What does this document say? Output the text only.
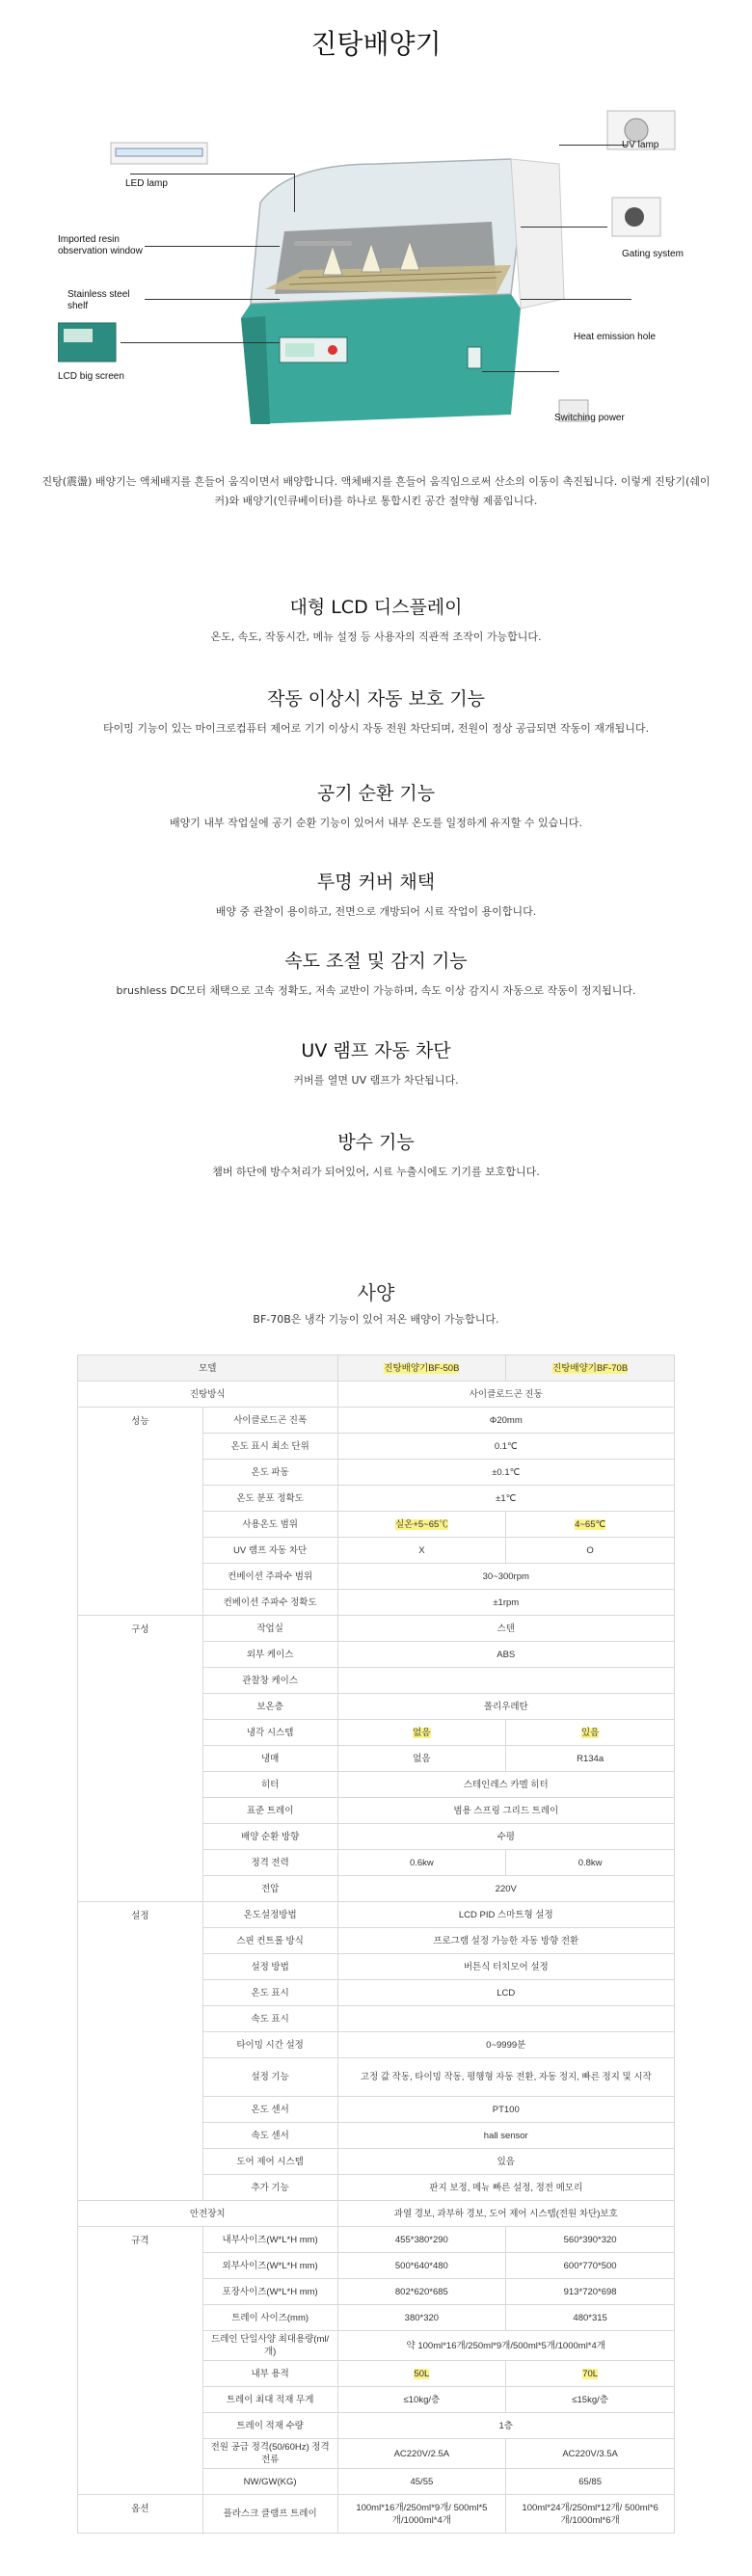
진탕배양기
LED lamp
UV lamp
Imported resin
observation window	Gating system
Stainless steel
shelf
Heat emission hole
LCD big screen
Switching power
진탕(震盪) 배양기는 액체배지를 흔들어 움직이면서 배양합니다. 액체배지를 흔들어 움직임으로써 산소의 이동이 촉진됩니다. 이렇게 진탕기(쉐이커)와 배양기(인큐베이터)를 하나로 통합시킨 공간 절약형 제품입니다.
대형 LCD 디스플레이

온도, 속도, 작동시간, 메뉴 설정 등 사용자의 직관적 조작이 가능합니다.

작동 이상시 자동 보호 기능

타이밍 기능이 있는 마이크로컴퓨터 제어로 기기 이상시 자동 전원 차단되며, 전원이 정상 공급되면 작동이 재개됩니다.

공기 순환 기능

배양기 내부 작업실에 공기 순환 기능이 있어서 내부 온도를 일정하게 유지할 수 있습니다.

투명 커버 채택

배양 중 관찰이 용이하고, 전면으로 개방되어 시료 작업이 용이합니다.

속도 조절 및 감지 기능

brushless DC모터 채택으로 고속 정확도, 저속 교반이 가능하며, 속도 이상 감지시 자동으로 작동이 정지됩니다.

UV 램프 자동 차단

커버를 열면 UV 램프가 차단됩니다.

방수 기능

챔버 하단에 방수처리가 되어있어, 시료 누출시에도 기기를 보호합니다.

사양
BF-70B은 냉각 기능이 있어 저온 배양이 가능합니다.
모델		진탕배양기BF-50B	진탕배양기BF-70B
진탕방식		사이클로드곤 진동	
성능	사이클로드곤 진폭	Φ20mm	
	온도 표시 최소 단위	0.1℃	
	온도 파동	±0.1℃	
	온도 분포 정확도	±1℃	
	사용온도 범위	실온+5~65℃	4~65℃
	UV 램프 자동 차단	X	O
	컨베이션 주파수 범위	30~300rpm	
	컨베이션 주파수 정확도	±1rpm	
구성	작업실	스텐	
	외부 케이스	ABS	
	관찰창 케이스		
	보온층	폴리우레탄	
	냉각 시스템	없음	있음
	냉매	없음	R134a
	히터	스테인레스 카멜 히터	
	표준 트레이	범용 스프링 그리드 트레이	
	배양 순환 방향	수평	
	정격 전력	0.6kw	0.8kw
	전압	220V	
설정	온도설정방법	LCD PID 스마트형 설정	
	스핀 컨트롤 방식	프로그램 설정 가능한 자동 방향 전환	
	설정 방법	버튼식 터치모어 설정	
	온도 표시	LCD	
	속도 표시		
	타이밍 시간 설정	0~9999분	
	설정 기능	고정 값 작동, 타이밍 작동, 평행형 자동 전환, 자동 정지, 빠른 정지 및 시작	
	온도 센서	PT100	
	속도 센서	hall sensor	
	도어 제어 시스템	있음	
	추가 기능	판지 보정, 메뉴 빠른 설정, 정전 메모리	
안전장치		과열 경보, 과부하 경보, 도어 제어 시스템(전원 차단)보호	
규격	내부사이즈(W*L*H mm)	455*380*290	560*390*320
	외부사이즈(W*L*H mm)	500*640*480	600*770*500
	포장사이즈(W*L*H mm)	802*620*685	913*720*698
	트레이 사이즈(mm)	380*320	480*315
	드레인 단일사양 최대용량(ml/개)	약 100ml*16개/250ml*9개/500ml*5개/1000ml*4개	
	내부 용적	50L	70L
	트레이 최대 적재 무게	≤10kg/층	≤15kg/층
	트레이 적재 수량	1층	
	전원 공급 정격(50/60Hz) 정격 전류	AC220V/2.5A	AC220V/3.5A
	NW/GW(KG)	45/55	65/85
옵션	플라스크 클램프 트레이	100ml*16개/250ml*9개/ 500ml*5개/1000ml*4개	100ml*24개/250ml*12개/ 500ml*6개/1000ml*6개
